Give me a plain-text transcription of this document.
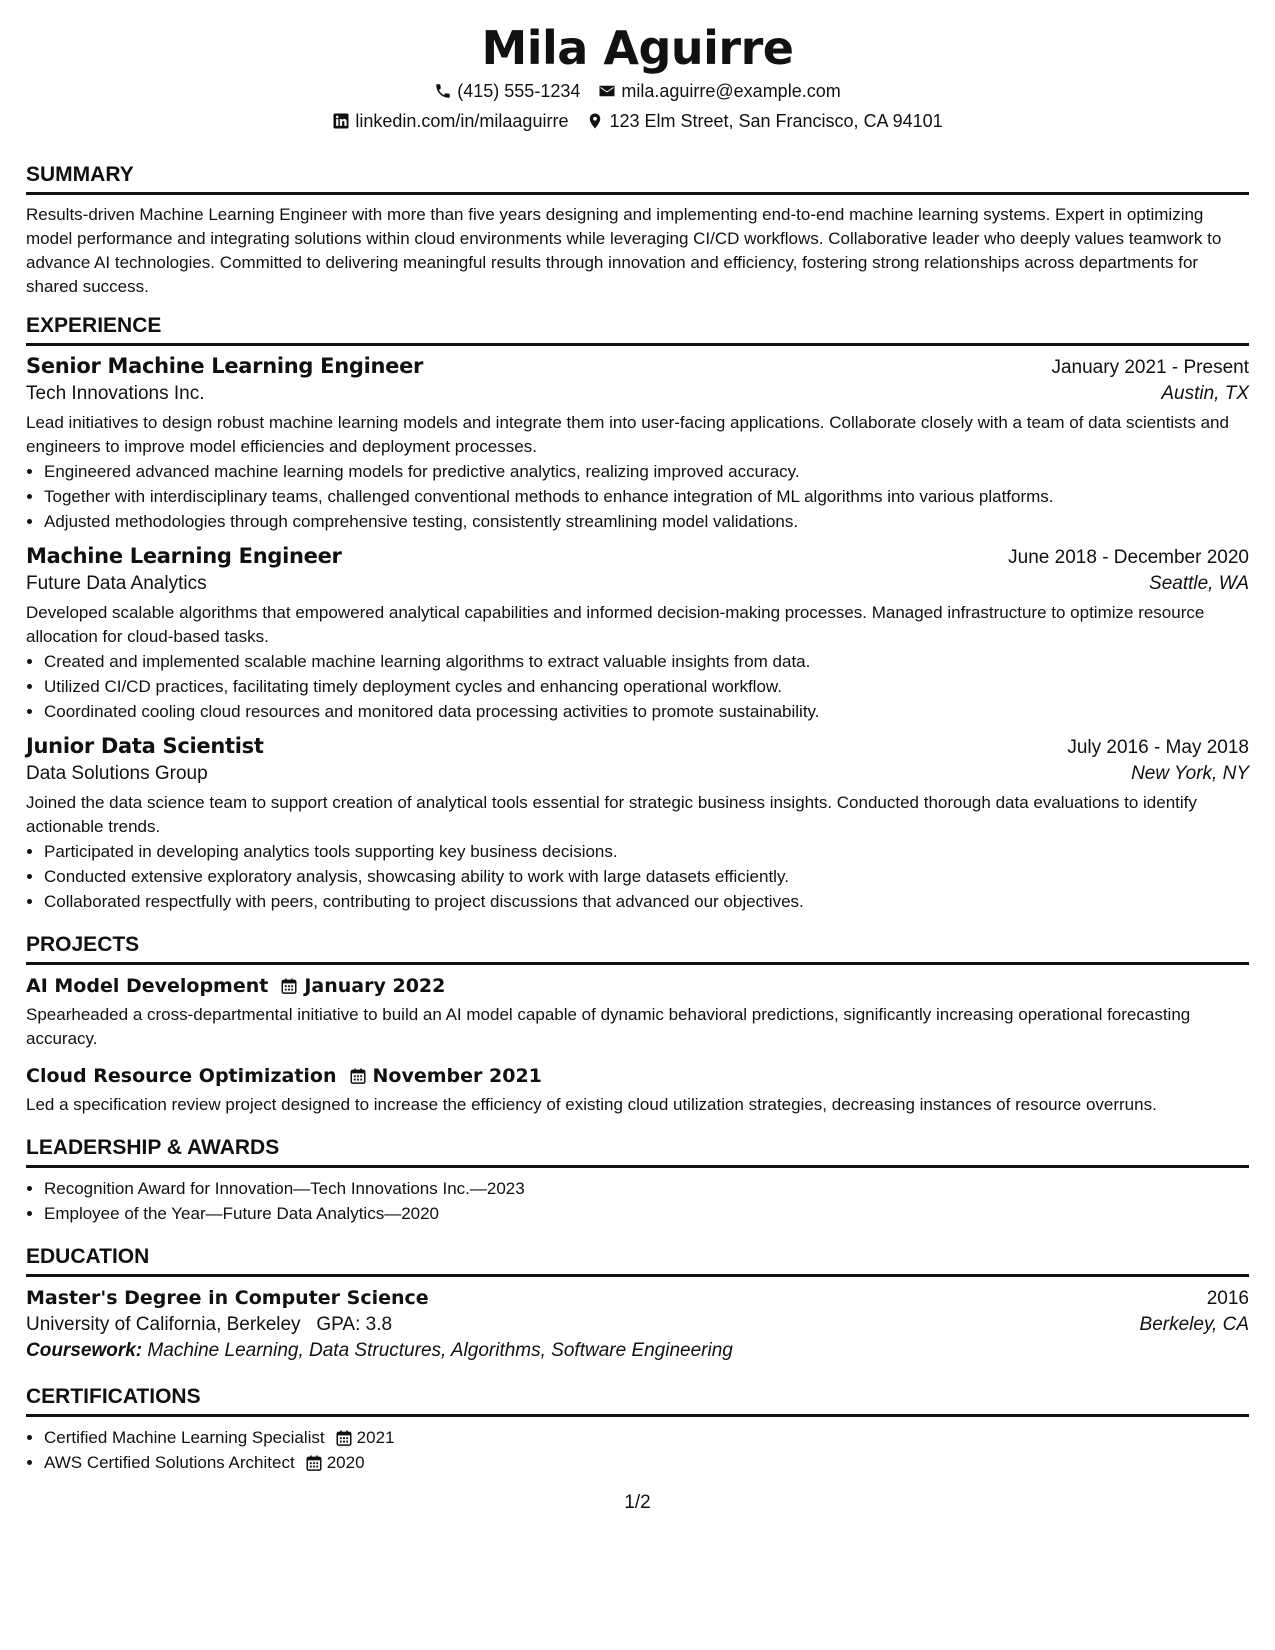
Mila Aguirre
(415) 555-1234 mila.aguirre@example.com
linkedin.com/in/milaaguirre 123 Elm Street, San Francisco, CA 94101
SUMMARY
Results-driven Machine Learning Engineer with more than five years designing and implementing end-to-end machine learning systems. Expert in optimizing model performance and integrating solutions within cloud environments while leveraging CI/CD workflows. Collaborative leader who deeply values teamwork to advance AI technologies. Committed to delivering meaningful results through innovation and efficiency, fostering strong relationships across departments for shared success.
EXPERIENCE
Senior Machine Learning Engineer	January 2021 - Present
Tech Innovations Inc.	Austin, TX
Lead initiatives to design robust machine learning models and integrate them into user-facing applications. Collaborate closely with a team of data scientists and engineers to improve model efficiencies and deployment processes.
• Engineered advanced machine learning models for predictive analytics, realizing improved accuracy.
• Together with interdisciplinary teams, challenged conventional methods to enhance integration of ML algorithms into various platforms.
• Adjusted methodologies through comprehensive testing, consistently streamlining model validations.
Machine Learning Engineer	June 2018 - December 2020
Future Data Analytics	Seattle, WA
Developed scalable algorithms that empowered analytical capabilities and informed decision-making processes. Managed infrastructure to optimize resource allocation for cloud-based tasks.
• Created and implemented scalable machine learning algorithms to extract valuable insights from data.
• Utilized CI/CD practices, facilitating timely deployment cycles and enhancing operational workflow.
• Coordinated cooling cloud resources and monitored data processing activities to promote sustainability.
Junior Data Scientist	July 2016 - May 2018
Data Solutions Group	New York, NY
Joined the data science team to support creation of analytical tools essential for strategic business insights. Conducted thorough data evaluations to identify actionable trends.
• Participated in developing analytics tools supporting key business decisions.
• Conducted extensive exploratory analysis, showcasing ability to work with large datasets efficiently.
• Collaborated respectfully with peers, contributing to project discussions that advanced our objectives.
PROJECTS
AI Model Development January 2022
Spearheaded a cross-departmental initiative to build an AI model capable of dynamic behavioral predictions, significantly increasing operational forecasting accuracy.
Cloud Resource Optimization November 2021
Led a specification review project designed to increase the efficiency of existing cloud utilization strategies, decreasing instances of resource overruns.
LEADERSHIP & AWARDS
• Recognition Award for Innovation—Tech Innovations Inc.—2023
• Employee of the Year—Future Data Analytics—2020
EDUCATION
Master's Degree in Computer Science	2016
University of California, Berkeley GPA: 3.8	Berkeley, CA
Coursework: Machine Learning, Data Structures, Algorithms, Software Engineering
CERTIFICATIONS
• Certified Machine Learning Specialist 2021
• AWS Certified Solutions Architect 2020
1/2
